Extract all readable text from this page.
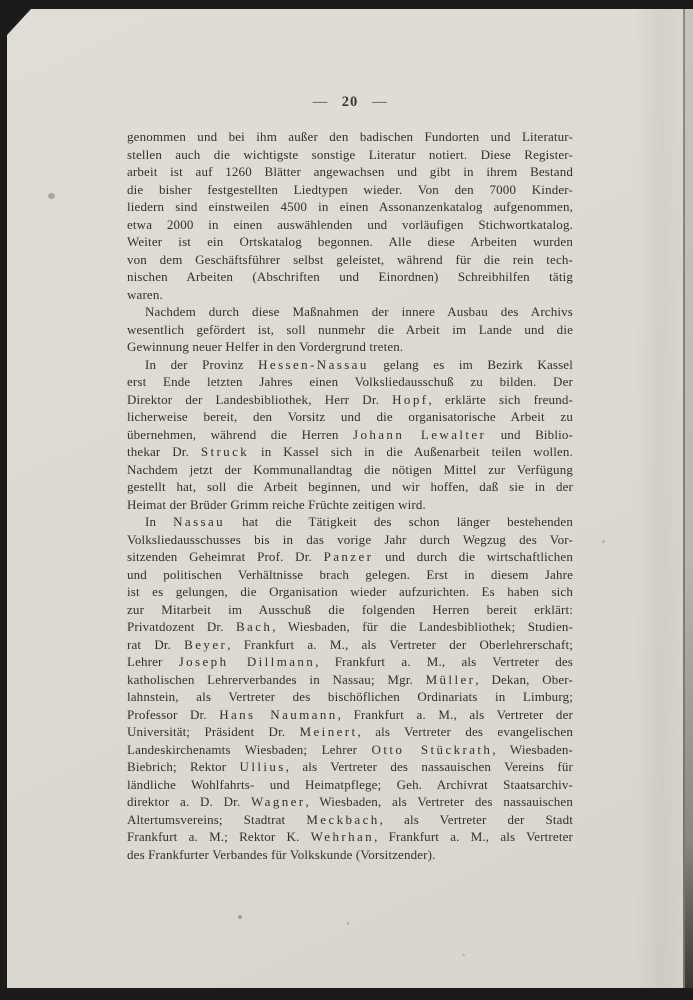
— 20 —
genommen und bei ihm außer den badischen Fundorten und Literatur-
stellen auch die wichtigste sonstige Literatur notiert. Diese Register-
arbeit ist auf 1260 Blätter angewachsen und gibt in ihrem Bestand
die bisher festgestellten Liedtypen wieder. Von den 7000 Kinder-
liedern sind einstweilen 4500 in einen Assonanzenkatalog aufgenommen,
etwa 2000 in einen auswählenden und vorläufigen Stichwortkatalog.
Weiter ist ein Ortskatalog begonnen. Alle diese Arbeiten wurden
von dem Geschäftsführer selbst geleistet, während für die rein tech-
nischen Arbeiten (Abschriften und Einordnen) Schreibhilfen tätig
waren.
Nachdem durch diese Maßnahmen der innere Ausbau des Archivs
wesentlich gefördert ist, soll nunmehr die Arbeit im Lande und die
Gewinnung neuer Helfer in den Vordergrund treten.
In der Provinz Hessen-Nassau gelang es im Bezirk Kassel
erst Ende letzten Jahres einen Volksliedausschuß zu bilden. Der
Direktor der Landesbibliothek, Herr Dr. Hopf, erklärte sich freund-
licherweise bereit, den Vorsitz und die organisatorische Arbeit zu
übernehmen, während die Herren Johann Lewalter und Biblio-
thekar Dr. Struck in Kassel sich in die Außenarbeit teilen wollen.
Nachdem jetzt der Kommunallandtag die nötigen Mittel zur Verfügung
gestellt hat, soll die Arbeit beginnen, und wir hoffen, daß sie in der
Heimat der Brüder Grimm reiche Früchte zeitigen wird.
In Nassau hat die Tätigkeit des schon länger bestehenden
Volksliedausschusses bis in das vorige Jahr durch Wegzug des Vor-
sitzenden Geheimrat Prof. Dr. Panzer und durch die wirtschaftlichen
und politischen Verhältnisse brach gelegen. Erst in diesem Jahre
ist es gelungen, die Organisation wieder aufzurichten. Es haben sich
zur Mitarbeit im Ausschuß die folgenden Herren bereit erklärt:
Privatdozent Dr. Bach, Wiesbaden, für die Landesbibliothek; Studien-
rat Dr. Beyer, Frankfurt a. M., als Vertreter der Oberlehrerschaft;
Lehrer Joseph Dillmann, Frankfurt a. M., als Vertreter des
katholischen Lehrerverbandes in Nassau; Mgr. Müller, Dekan, Ober-
lahnstein, als Vertreter des bischöflichen Ordinariats in Limburg;
Professor Dr. Hans Naumann, Frankfurt a. M., als Vertreter der
Universität; Präsident Dr. Meinert, als Vertreter des evangelischen
Landeskirchenamts Wiesbaden; Lehrer Otto Stückrath, Wiesbaden-
Biebrich; Rektor Ullius, als Vertreter des nassauischen Vereins für
ländliche Wohlfahrts- und Heimatpflege; Geh. Archivrat Staatsarchiv-
direktor a. D. Dr. Wagner, Wiesbaden, als Vertreter des nassauischen
Altertumsvereins; Stadtrat Meckbach, als Vertreter der Stadt
Frankfurt a. M.; Rektor K. Wehrhan, Frankfurt a. M., als Vertreter
des Frankfurter Verbandes für Volkskunde (Vorsitzender).
